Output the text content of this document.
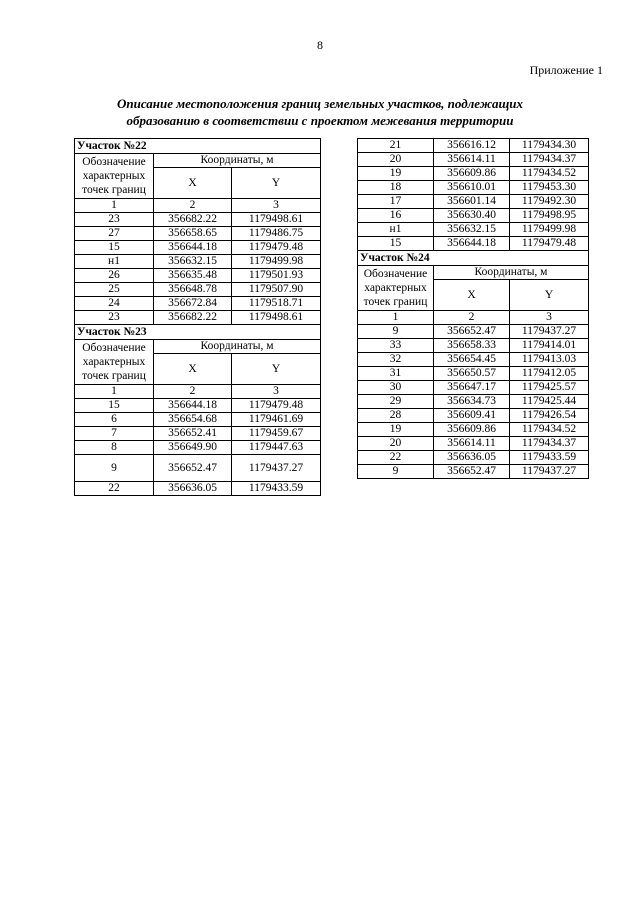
8
Приложение 1
Описание местоположения границ земельных участков, подлежащих
образованию в соответствии с проектом межевания территории
Участок №22		
Обозначение характерных точек границ	Координаты, м	
	X	Y
1	2	3
23	356682.22	1179498.61
27	356658.65	1179486.75
15	356644.18	1179479.48
н1	356632.15	1179499.98
26	356635.48	1179501.93
25	356648.78	1179507.90
24	356672.84	1179518.71
23	356682.22	1179498.61
Участок №23		
Обозначение характерных точек границ	Координаты, м	
	X	Y
1	2	3
15	356644.18	1179479.48
6	356654.68	1179461.69
7	356652.41	1179459.67
8	356649.90	1179447.63
9	356652.47	1179437.27
22	356636.05	1179433.59
21	356616.12	1179434.30
20	356614.11	1179434.37
19	356609.86	1179434.52
18	356610.01	1179453.30
17	356601.14	1179492.30
16	356630.40	1179498.95
н1	356632.15	1179499.98
15	356644.18	1179479.48
Участок №24		
Обозначение характерных точек границ	Координаты, м	
	X	Y
1	2	3
9	356652.47	1179437.27
33	356658.33	1179414.01
32	356654.45	1179413.03
31	356650.57	1179412.05
30	356647.17	1179425.57
29	356634.73	1179425.44
28	356609.41	1179426.54
19	356609.86	1179434.52
20	356614.11	1179434.37
22	356636.05	1179433.59
9	356652.47	1179437.27
